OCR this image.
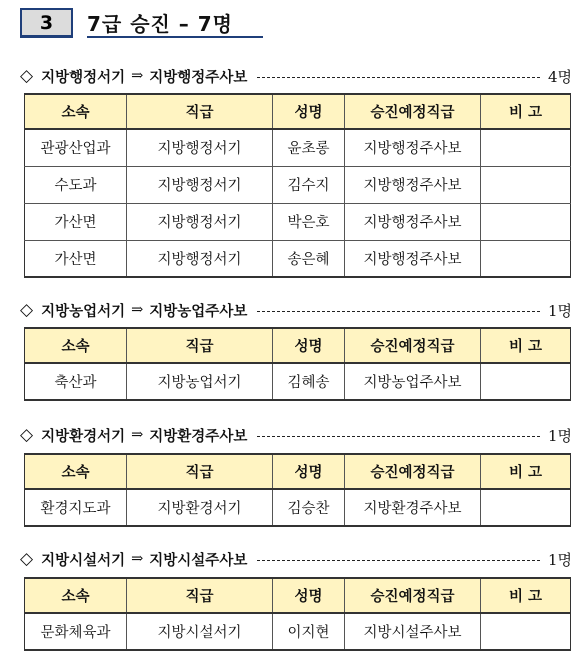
3	7급 승진 – 7명
◇ 지방행정서기 ⇒ 지방행정주사보	4명
소속	직급	성명	승진예정직급	비 고
관광산업과	지방행정서기	윤초롱	지방행정주사보	
수도과	지방행정서기	김수지	지방행정주사보	
가산면	지방행정서기	박은호	지방행정주사보	
가산면	지방행정서기	송은혜	지방행정주사보	
◇ 지방농업서기 ⇒ 지방농업주사보	1명
소속	직급	성명	승진예정직급	비 고
축산과	지방농업서기	김혜송	지방농업주사보	
◇ 지방환경서기 ⇒ 지방환경주사보	1명
소속	직급	성명	승진예정직급	비 고
환경지도과	지방환경서기	김승찬	지방환경주사보	
◇ 지방시설서기 ⇒ 지방시설주사보	1명
소속	직급	성명	승진예정직급	비 고
문화체육과	지방시설서기	이지현	지방시설주사보	
